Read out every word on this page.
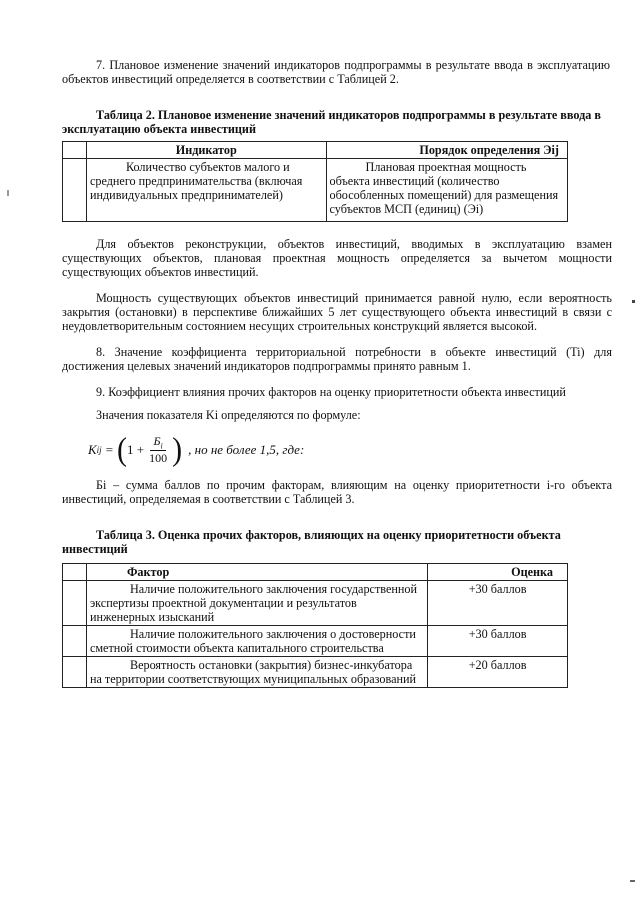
7. Плановое изменение значений индикаторов подпрограммы в результате ввода в эксплуатацию объектов инвестиций определяется в соответствии с Таблицей 2.
Таблица 2. Плановое изменение значений индикаторов подпрограммы в результате ввода в эксплуатацию объекта инвестиций
	Индикатор	Порядок определения Эij
	Количество субъектов малого и среднего предпринимательства (включая индивидуальных предпринимателей)	Плановая проектная мощность объекта инвестиций (количество обособленных помещений) для размещения субъектов МСП (единиц) (Эi)
Для объектов реконструкции, объектов инвестиций, вводимых в эксплуатацию взамен существующих объектов, плановая проектная мощность определяется за вычетом мощности существующих объектов инвестиций.
Мощность существующих объектов инвестиций принимается равной нулю, если вероятность закрытия (остановки) в перспективе ближайших 5 лет существующего объекта инвестиций в связи с неудовлетворительным состоянием несущих строительных конструкций является высокой.
8. Значение коэффициента территориальной потребности в объекте инвестиций (Ti) для достижения целевых значений индикаторов подпрограммы принято равным 1.
9. Коэффициент влияния прочих факторов на оценку приоритетности объекта инвестиций
Значения показателя Ki определяются по формуле:
K ij = ( $1 + \frac{Б_i}{100}$ ) , но не более 1,5, где:
Бi – сумма баллов по прочим факторам, влияющим на оценку приоритетности i-го объекта инвестиций, определяемая в соответствии с Таблицей 3.
Таблица 3. Оценка прочих факторов, влияющих на оценку приоритетности объекта инвестиций
	Фактор	Оценка
	Наличие положительного заключения государственной экспертизы проектной документации и результатов инженерных изысканий	+30 баллов
	Наличие положительного заключения о достоверности сметной стоимости объекта капитального строительства	+30 баллов
	Вероятность остановки (закрытия) бизнес-инкубатора на территории соответствующих муниципальных образований	+20 баллов
